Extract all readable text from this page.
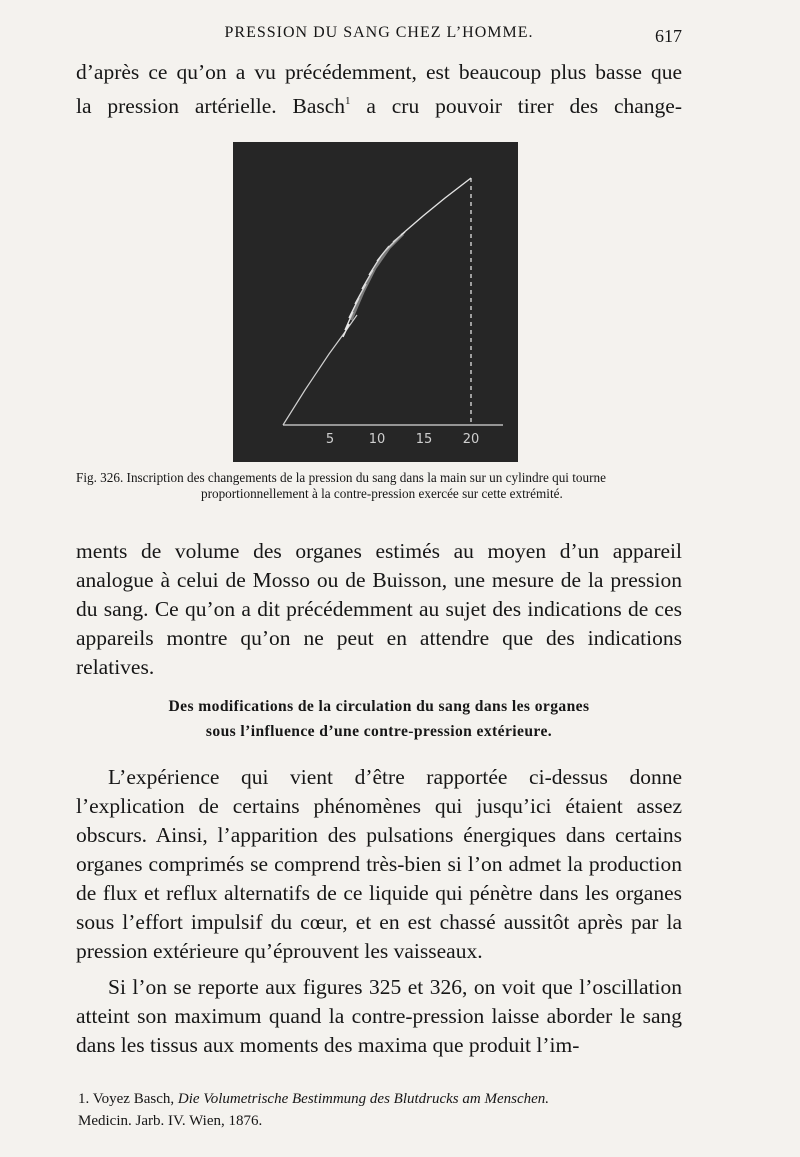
PRESSION DU SANG CHEZ L’HOMME.	617

d’après ce qu’on a vu précédemment, est beaucoup plus basse que

la pression artérielle. Basch$^1$ a cru pouvoir tirer des change-

5	10 15 20

Fig. 326. Inscription des changements de la pression du sang dans la main sur un cylindre qui tourne
proportionnellement à la contre-pression exercée sur cette extrémité.

ments de volume des organes estimés au moyen d’un appareil analogue à celui de Mosso ou de Buisson, une mesure de la pression du sang. Ce qu’on a dit précédemment au sujet des indications de ces appareils montre qu’on ne peut en attendre que des indications relatives.

Des modifications de la circulation du sang dans les organes
sous l’influence d’une contre-pression extérieure.

L’expérience qui vient d’être rapportée ci-dessus donne l’explication de certains phénomènes qui jusqu’ici étaient assez obscurs. Ainsi, l’apparition des pulsations énergiques dans certains organes comprimés se comprend très-bien si l’on admet la production de flux et reflux alternatifs de ce liquide qui pénètre dans les organes sous l’effort impulsif du cœur, et en est chassé aussitôt après par la pression extérieure qu’éprouvent les vaisseaux.

Si l’on se reporte aux figures 325 et 326, on voit que l’oscillation atteint son maximum quand la contre-pression laisse aborder le sang dans les tissus aux moments des maxima que produit l’im-

1. Voyez Basch, Die Volumetrische Bestimmung des Blutdrucks am Menschen.
Medicin. Jarb. IV. Wien, 1876.
